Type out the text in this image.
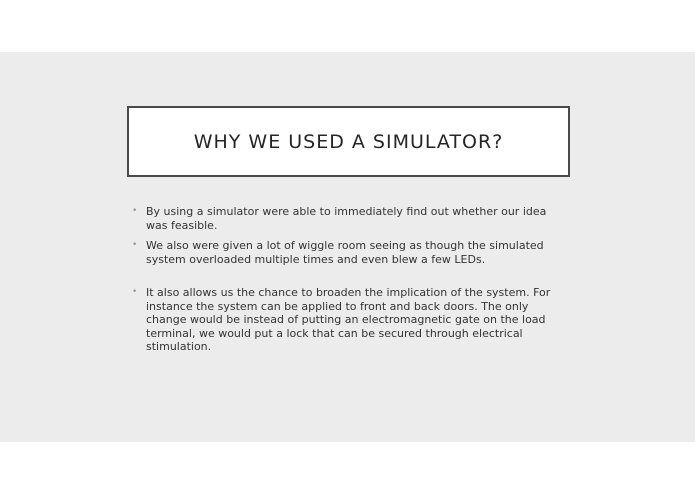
WHY WE USED A SIMULATOR?
• By using a simulator were able to immediately find out whether our idea was feasible.
• We also were given a lot of wiggle room seeing as though the simulated system overloaded multiple times and even blew a few LEDs.
• It also allows us the chance to broaden the implication of the system. For instance the system can be applied to front and back doors. The only change would be instead of putting an electromagnetic gate on the load terminal, we would put a lock that can be secured through electrical stimulation.
